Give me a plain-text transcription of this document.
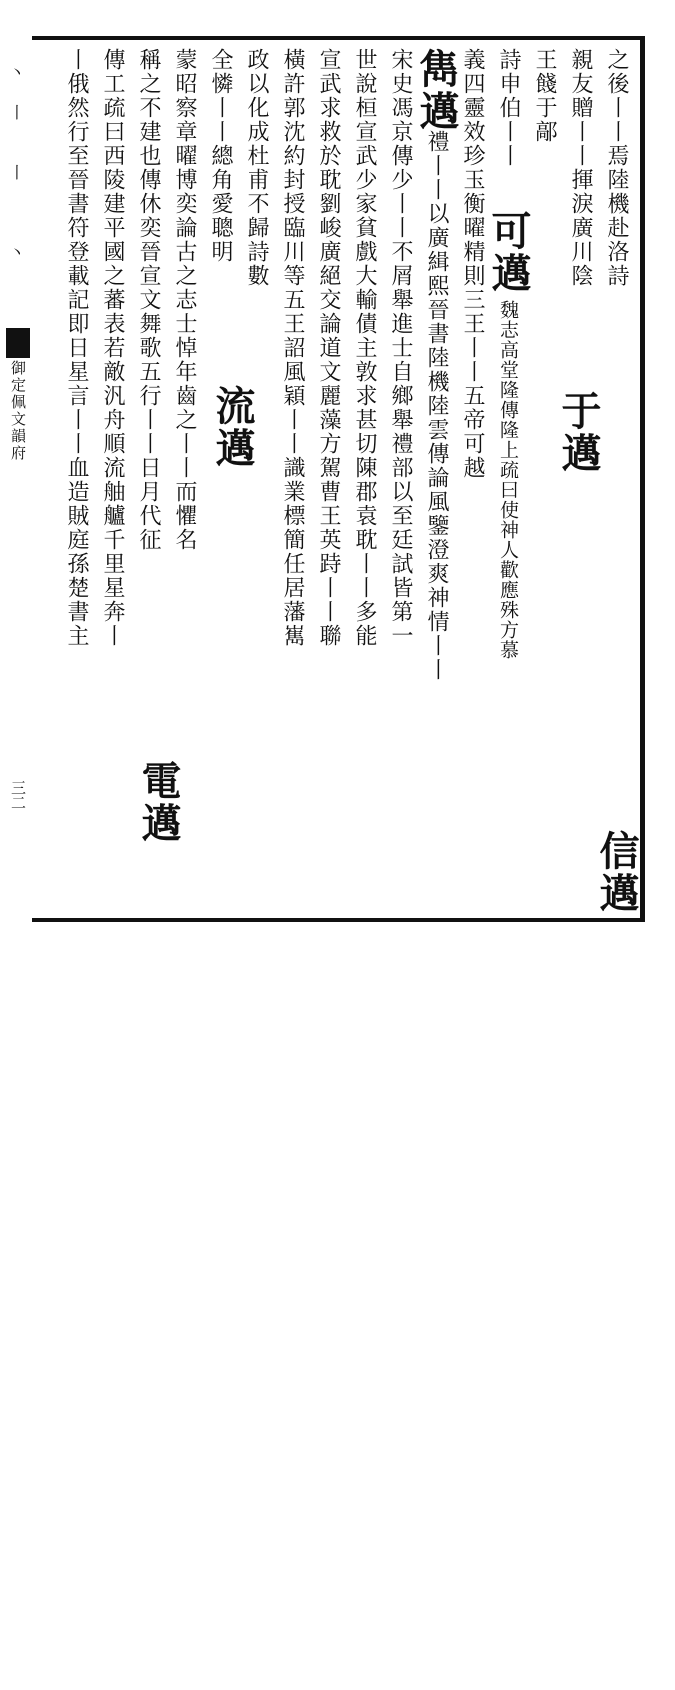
丶
丨
丨
丶
御定佩文韻府
三二
之後丨丨焉陸機赴洛詩
親友贈丨丨揮淚廣川陰
王餞于鄗
詩申伯丨丨
可邁
魏志高堂隆傳隆上疏曰使神人歡應殊方慕
信邁
于邁
義四靈效珍玉衡曜精則三王丨丨五帝可越
雋邁
禮丨丨以廣緝熙晉書陸機陸雲傳論風鑒澄爽神情丨丨
宋史馮京傳少丨丨不屑舉進士自鄉舉禮部以至廷試皆第一
世說桓宣武少家貧戲大輸債主敦求甚切陳郡袁耽丨丨多能
宣武求救於耽劉峻廣絕交論道文麗藻方駕曹王英跱丨丨聯
橫許郭沈約封授臨川等五王詔風穎丨丨識業標簡任居藩嶲
政以化成杜甫不歸詩數
流邁
全憐丨丨總角愛聰明
蒙昭察章曜博奕論古之志士悼年齒之丨丨而懼名
稱之不建也傳休奕晉宣文舞歌五行丨丨日月代征
電邁
傳工疏曰西陵建平國之蕃表若敵汎舟順流舳艫千里星奔丨
丨俄然行至晉書符登載記即日星言丨丨血造賊庭孫楚書主
